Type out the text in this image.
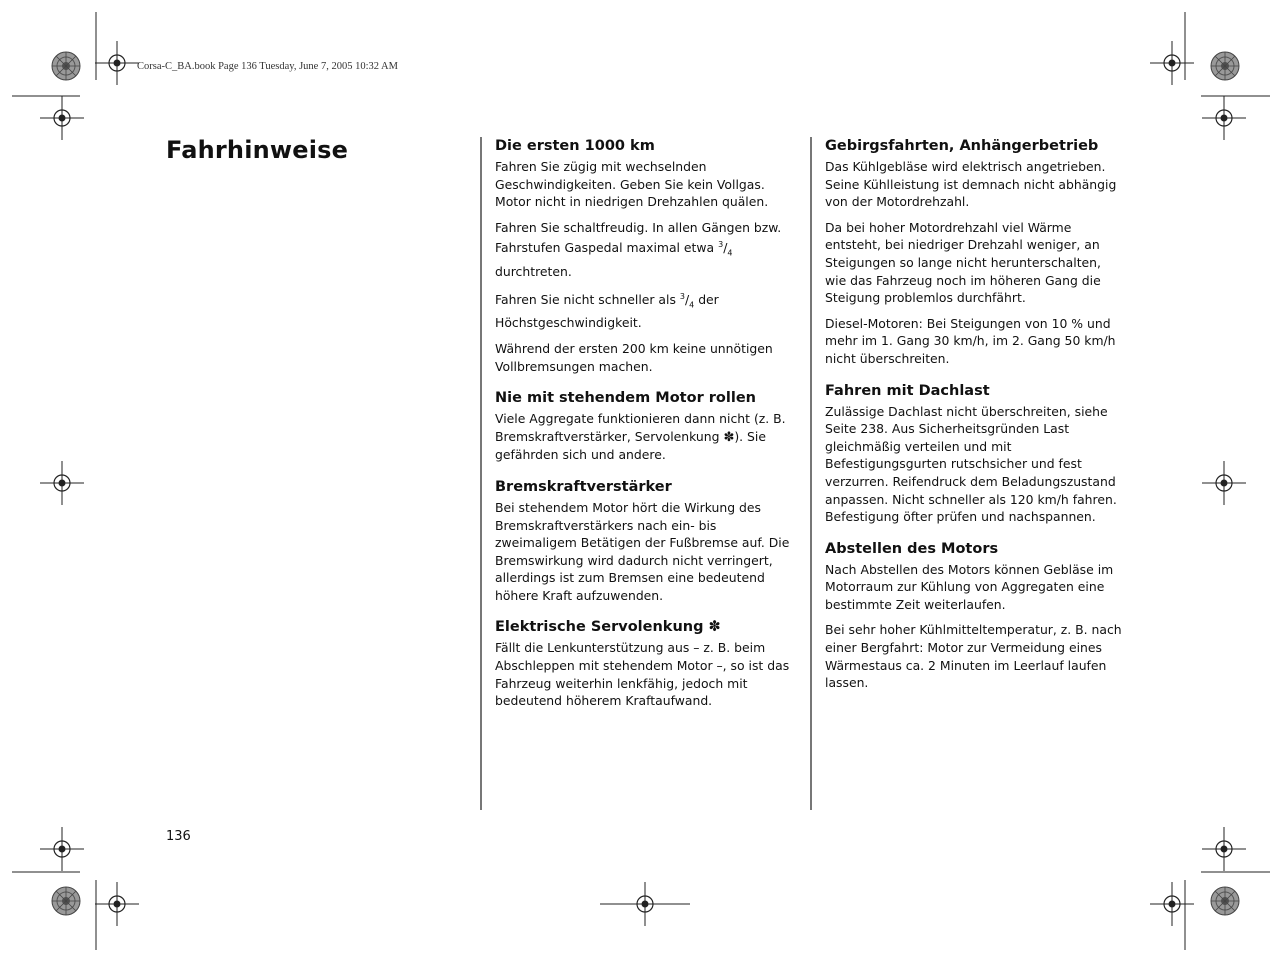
Corsa-C_BA.book Page 136 Tuesday, June 7, 2005 10:32 AM
Fahrhinweise	Die ersten 1000 km

Fahren Sie zügig mit wechselnden Geschwindigkeiten. Geben Sie kein Vollgas. Motor nicht in niedrigen Drehzahlen quälen.

Fahren Sie schaltfreudig. In allen Gängen bzw. Fahrstufen Gaspedal maximal etwa $^3/_4$ durchtreten.

Fahren Sie nicht schneller als $^3/_4$ der Höchstgeschwindigkeit.

Während der ersten 200 km keine unnötigen Vollbremsungen machen.

Nie mit stehendem Motor rollen

Viele Aggregate funktionieren dann nicht (z. B. Bremskraftverstärker, Servolenkung ✽). Sie gefährden sich und andere.

Bremskraftverstärker

Bei stehendem Motor hört die Wirkung des Bremskraftverstärkers nach ein- bis zweimaligem Betätigen der Fußbremse auf. Die Bremswirkung wird dadurch nicht verringert, allerdings ist zum Bremsen eine bedeutend höhere Kraft aufzuwenden.

Elektrische Servolenkung ✽

Fällt die Lenkunterstützung aus – z. B. beim Abschleppen mit stehendem Motor –, so ist das Fahrzeug weiterhin lenkfähig, jedoch mit bedeutend höherem Kraftaufwand.

Gebirgsfahrten, Anhängerbetrieb

Das Kühlgebläse wird elektrisch angetrieben. Seine Kühlleistung ist demnach nicht abhängig von der Motordrehzahl.

Da bei hoher Motordrehzahl viel Wärme entsteht, bei niedriger Drehzahl weniger, an Steigungen so lange nicht herunterschalten, wie das Fahrzeug noch im höheren Gang die Steigung problemlos durchfährt.

Diesel-Motoren: Bei Steigungen von 10 % und mehr im 1. Gang 30 km/h, im 2. Gang 50 km/h nicht überschreiten.

Fahren mit Dachlast

Zulässige Dachlast nicht überschreiten, siehe Seite 238. Aus Sicherheitsgründen Last gleichmäßig verteilen und mit Befestigungsgurten rutschsicher und fest verzurren. Reifendruck dem Beladungszustand anpassen. Nicht schneller als 120 km/h fahren. Befestigung öfter prüfen und nachspannen.

Abstellen des Motors

Nach Abstellen des Motors können Gebläse im Motorraum zur Kühlung von Aggregaten eine bestimmte Zeit weiterlaufen.

Bei sehr hoher Kühlmitteltemperatur, z. B. nach einer Bergfahrt: Motor zur Vermeidung eines Wärmestaus ca. 2 Minuten im Leerlauf laufen lassen.

136
